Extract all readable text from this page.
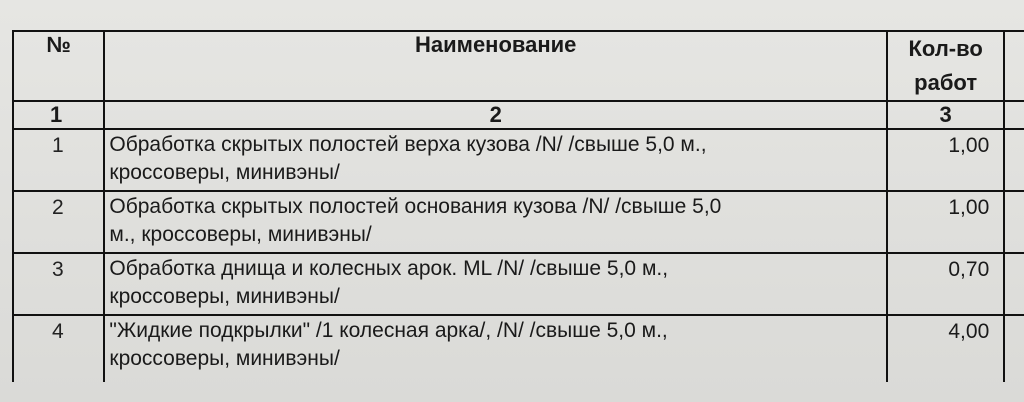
№	Наименование	Кол-во
работ	

1	2	3	
1	Обработка скрытых полостей верха кузова /N/ /свыше 5,0 м.,
кроссоверы, минивэны/	1,00	
2	Обработка скрытых полостей основания кузова /N/ /свыше 5,0
м., кроссоверы, минивэны/	1,00	
3	Обработка днища и колесных арок. ML /N/ /свыше 5,0 м.,
кроссоверы, минивэны/	0,70	
4	"Жидкие подкрылки" /1 колесная арка/, /N/ /свыше 5,0 м.,
кроссоверы, минивэны/	4,00	
